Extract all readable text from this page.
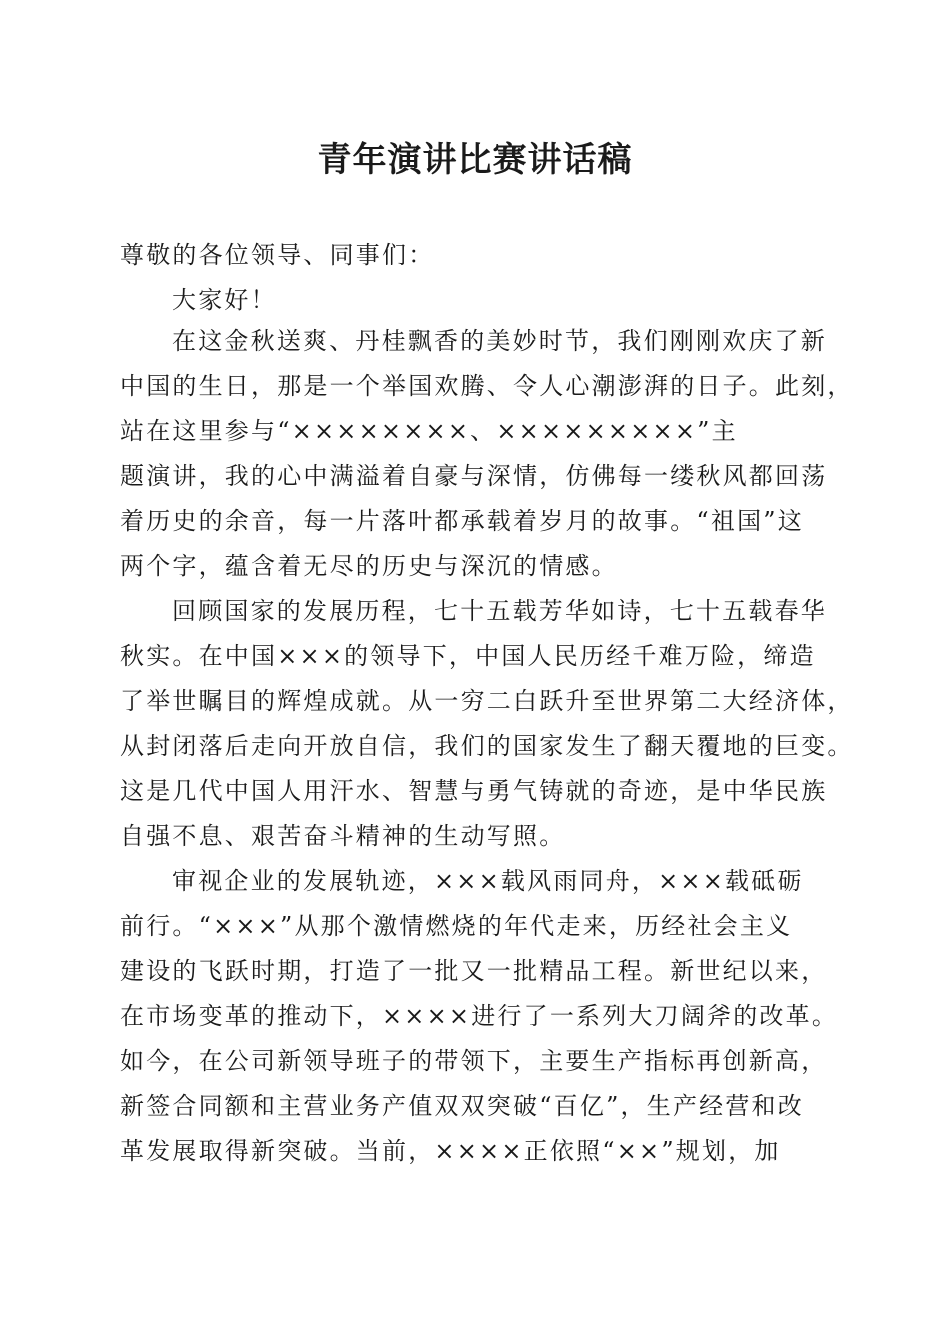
青年演讲比赛讲话稿
尊敬的各位领导、同事们：
大家好！
在这金秋送爽、丹桂飘香的美妙时节，我们刚刚欢庆了新
中国的生日，那是一个举国欢腾、令人心潮澎湃的日子。此刻，
站在这里参与“××××××××、×××××××××”主
题演讲，我的心中满溢着自豪与深情，仿佛每一缕秋风都回荡
着历史的余音，每一片落叶都承载着岁月的故事。“祖国”这
两个字，蕴含着无尽的历史与深沉的情感。
回顾国家的发展历程，七十五载芳华如诗，七十五载春华
秋实。在中国×××的领导下，中国人民历经千难万险，缔造
了举世瞩目的辉煌成就。从一穷二白跃升至世界第二大经济体，
从封闭落后走向开放自信，我们的国家发生了翻天覆地的巨变。
这是几代中国人用汗水、智慧与勇气铸就的奇迹，是中华民族
自强不息、艰苦奋斗精神的生动写照。
审视企业的发展轨迹，×××载风雨同舟，×××载砥砺
前行。“×××”从那个激情燃烧的年代走来，历经社会主义
建设的飞跃时期，打造了一批又一批精品工程。新世纪以来，
在市场变革的推动下，××××进行了一系列大刀阔斧的改革。
如今，在公司新领导班子的带领下，主要生产指标再创新高，
新签合同额和主营业务产值双双突破“百亿”，生产经营和改
革发展取得新突破。当前，××××正依照“××”规划，加
